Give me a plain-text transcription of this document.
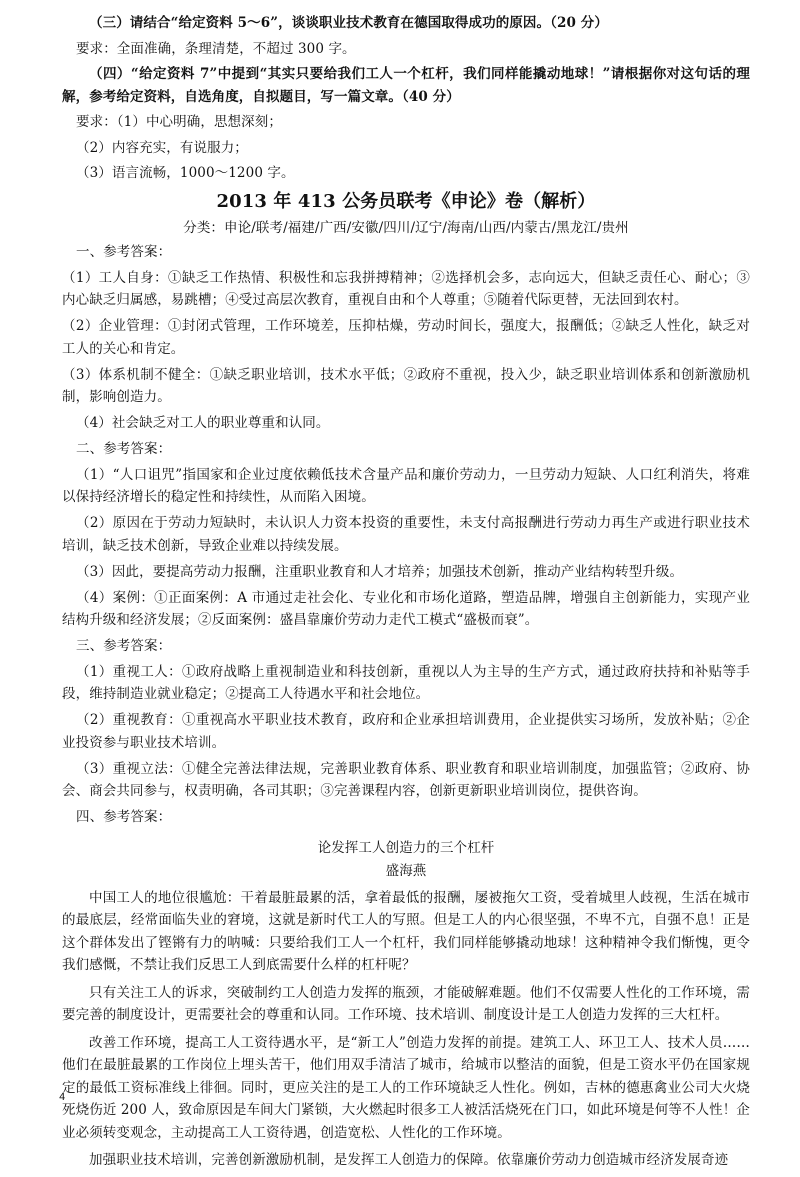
（三）请结合“给定资料 5～6”，谈谈职业技术教育在德国取得成功的原因。（20 分）

要求：全面准确，条理清楚，不超过 300 字。

（四）“给定资料 7”中提到“其实只要给我们工人一个杠杆，我们同样能撬动地球！”请根据你对这句话的理解，参考给定资料，自选角度，自拟题目，写一篇文章。（40 分）

要求：（1）中心明确，思想深刻；

（2）内容充实，有说服力；

（3）语言流畅，1000～1200 字。

2013 年 413 公务员联考《申论》卷（解析）

分类：申论/联考/福建/广西/安徽/四川/辽宁/海南/山西/内蒙古/黑龙江/贵州

一、参考答案：

（1）工人自身：①缺乏工作热情、积极性和忘我拼搏精神；②选择机会多，志向远大，但缺乏责任心、耐心；③内心缺乏归属感，易跳槽；④受过高层次教育，重视自由和个人尊重；⑤随着代际更替，无法回到农村。

（2）企业管理：①封闭式管理，工作环境差，压抑枯燥，劳动时间长，强度大，报酬低；②缺乏人性化，缺乏对工人的关心和肯定。

（3）体系机制不健全：①缺乏职业培训，技术水平低；②政府不重视，投入少，缺乏职业培训体系和创新激励机制，影响创造力。

（4）社会缺乏对工人的职业尊重和认同。

二、参考答案：

（1）“人口诅咒”指国家和企业过度依赖低技术含量产品和廉价劳动力，一旦劳动力短缺、人口红利消失，将难以保持经济增长的稳定性和持续性，从而陷入困境。

（2）原因在于劳动力短缺时，未认识人力资本投资的重要性，未支付高报酬进行劳动力再生产或进行职业技术培训，缺乏技术创新，导致企业难以持续发展。

（3）因此，要提高劳动力报酬，注重职业教育和人才培养；加强技术创新，推动产业结构转型升级。

（4）案例：①正面案例：A 市通过走社会化、专业化和市场化道路，塑造品牌，增强自主创新能力，实现产业结构升级和经济发展；②反面案例：盛昌靠廉价劳动力走代工模式“盛极而衰”。

三、参考答案：

（1）重视工人：①政府战略上重视制造业和科技创新，重视以人为主导的生产方式，通过政府扶持和补贴等手段，维持制造业就业稳定；②提高工人待遇水平和社会地位。

（2）重视教育：①重视高水平职业技术教育，政府和企业承担培训费用，企业提供实习场所，发放补贴；②企业投资参与职业技术培训。

（3）重视立法：①健全完善法律法规，完善职业教育体系、职业教育和职业培训制度，加强监管；②政府、协会、商会共同参与，权责明确，各司其职；③完善课程内容，创新更新职业培训岗位，提供咨询。

四、参考答案：

论发挥工人创造力的三个杠杆

盛海燕

中国工人的地位很尴尬：干着最脏最累的活，拿着最低的报酬，屡被拖欠工资，受着城里人歧视，生活在城市的最底层，经常面临失业的窘境，这就是新时代工人的写照。但是工人的内心很坚强，不卑不亢，自强不息！正是这个群体发出了铿锵有力的呐喊：只要给我们工人一个杠杆，我们同样能够撬动地球！这种精神令我们惭愧，更令我们感慨，不禁让我们反思工人到底需要什么样的杠杆呢？

只有关注工人的诉求，突破制约工人创造力发挥的瓶颈，才能破解难题。他们不仅需要人性化的工作环境，需要完善的制度设计，更需要社会的尊重和认同。工作环境、技术培训、制度设计是工人创造力发挥的三大杠杆。

改善工作环境，提高工人工资待遇水平，是“新工人”创造力发挥的前提。建筑工人、环卫工人、技术人员……他们在最脏最累的工作岗位上埋头苦干，他们用双手清洁了城市，给城市以整洁的面貌，但是工资水平仍在国家规定的最低工资标准线上徘徊。同时，更应关注的是工人的工作环境缺乏人性化。例如，吉林的德惠禽业公司大火烧死烧伤近 200 人，致命原因是车间大门紧锁，大火燃起时很多工人被活活烧死在门口，如此环境是何等不人性！企业必须转变观念，主动提高工人工资待遇，创造宽松、人性化的工作环境。

加强职业技术培训，完善创新激励机制，是发挥工人创造力的保障。依靠廉价劳动力创造城市经济发展奇迹

4
